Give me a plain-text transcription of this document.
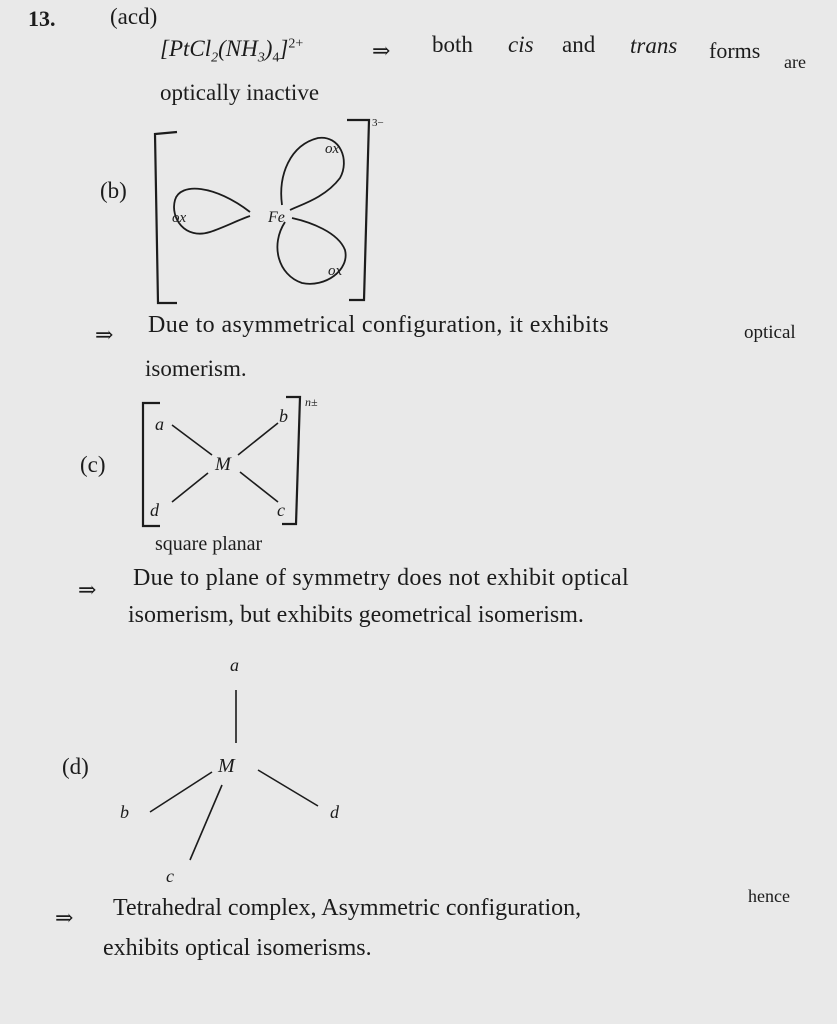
13. (acd)
$[PtCl_2(NH_3)_4]^{2+}$	⇒ both cis and trans forms are
optically inactive
(b)
Fe
ox
ox
ox
3−
⇒ Due to asymmetrical configuration, it exhibits	optical
isomerism.
(c)	M
a	b
d	c
n±
square planar
⇒ Due to plane of symmetry does not exhibit optical
isomerism, but exhibits geometrical isomerism.
(d)	M
a
b
c
d
⇒ Tetrahedral complex, Asymmetric configuration,	hence
exhibits optical isomerisms.
